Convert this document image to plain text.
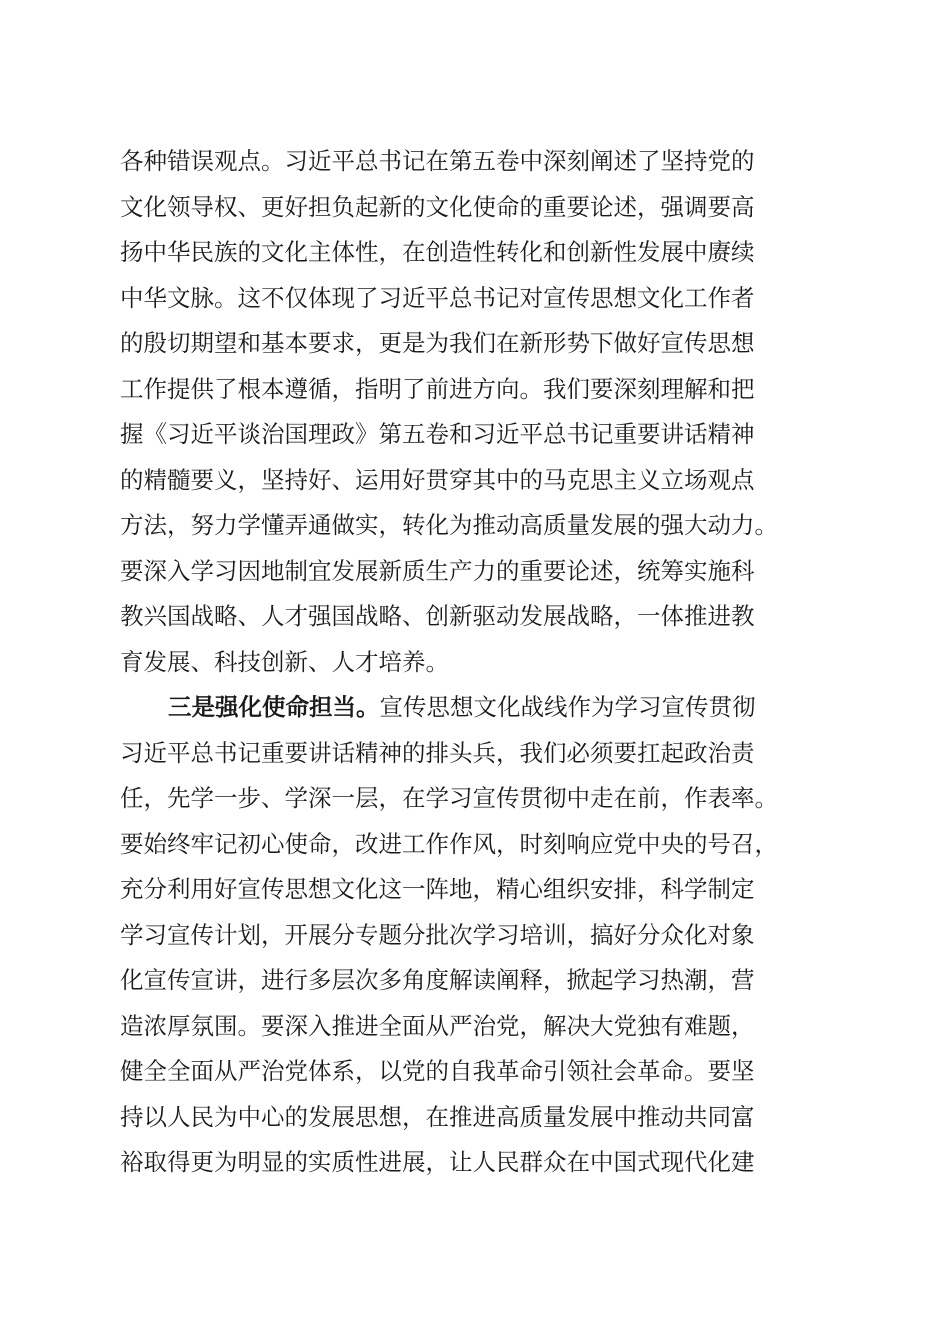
各种错误观点。习近平总书记在第五卷中深刻阐述了坚持党的
文化领导权、更好担负起新的文化使命的重要论述，强调要高
扬中华民族的文化主体性，在创造性转化和创新性发展中赓续
中华文脉。这不仅体现了习近平总书记对宣传思想文化工作者
的殷切期望和基本要求，更是为我们在新形势下做好宣传思想
工作提供了根本遵循，指明了前进方向。我们要深刻理解和把
握《习近平谈治国理政》第五卷和习近平总书记重要讲话精神
的精髓要义，坚持好、运用好贯穿其中的马克思主义立场观点
方法，努力学懂弄通做实，转化为推动高质量发展的强大动力。
要深入学习因地制宜发展新质生产力的重要论述，统筹实施科
教兴国战略、人才强国战略、创新驱动发展战略，一体推进教
育发展、科技创新、人才培养。
三是强化使命担当。宣传思想文化战线作为学习宣传贯彻
习近平总书记重要讲话精神的排头兵，我们必须要扛起政治责
任，先学一步、学深一层，在学习宣传贯彻中走在前，作表率。
要始终牢记初心使命，改进工作作风，时刻响应党中央的号召，
充分利用好宣传思想文化这一阵地，精心组织安排，科学制定
学习宣传计划，开展分专题分批次学习培训，搞好分众化对象
化宣传宣讲，进行多层次多角度解读阐释，掀起学习热潮，营
造浓厚氛围。要深入推进全面从严治党，解决大党独有难题，
健全全面从严治党体系，以党的自我革命引领社会革命。要坚
持以人民为中心的发展思想，在推进高质量发展中推动共同富
裕取得更为明显的实质性进展，让人民群众在中国式现代化建
